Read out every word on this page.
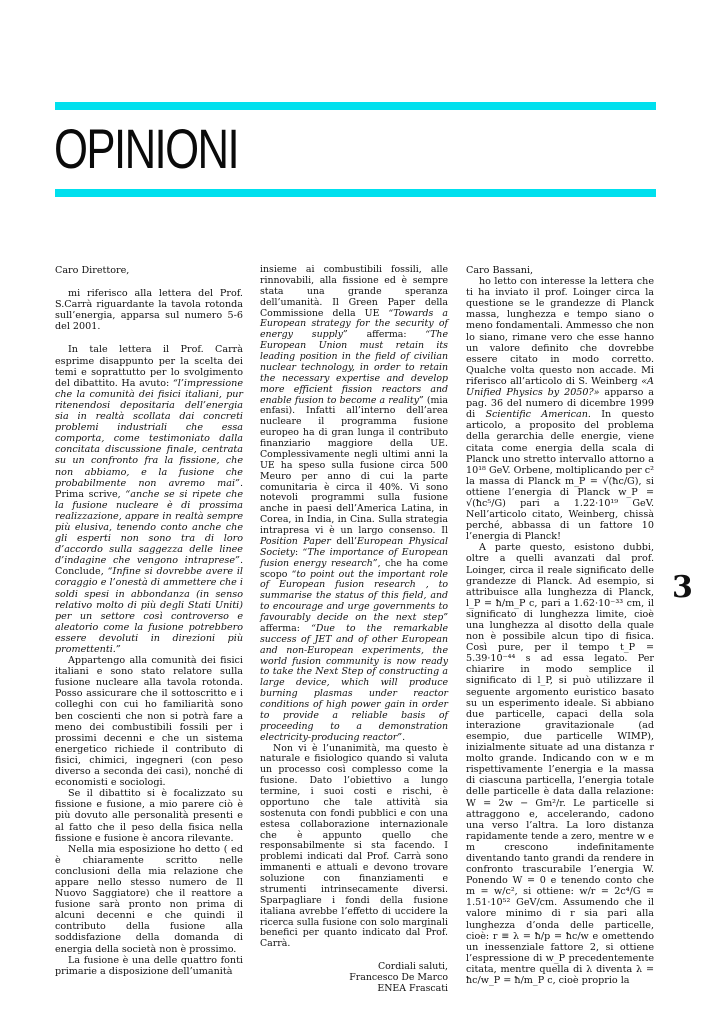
OPINIONI

Caro Direttore,

mi riferisco alla lettera del Prof. S.Carrà riguardante la tavola rotonda sull’energia, apparsa sul numero 5-6 del 2001.

In tale lettera il Prof. Carrà esprime disappunto per la scelta dei temi e soprattutto per lo svolgimento del dibattito. Ha avuto: “l’impressione che la comunità dei fisici italiani, pur ritenendosi depositaria dell’energia sia in realtà scollata dai concreti problemi industriali che essa comporta, come testimoniato dalla concitata discussione finale, centrata su un confronto fra la fissione, che non abbiamo, e la fusione che probabilmente non avremo mai”. Prima scrive, “anche se si ripete che la fusione nucleare è di prossima realizzazione, appare in realtà sempre più elusiva, tenendo conto anche che gli esperti non sono tra di loro d’accordo sulla saggezza delle linee d’indagine che vengono intraprese”. Conclude, “Infine si dovrebbe avere il coraggio e l’onestà di ammettere che i soldi spesi in abbondanza (in senso relativo molto di più degli Stati Uniti) per un settore così controverso e aleatorio come la fusione potrebbero essere devoluti in direzioni più promettenti.”

Appartengo alla comunità dei fisici italiani e sono stato relatore sulla fusione nucleare alla tavola rotonda. Posso assicurare che il sottoscritto e i colleghi con cui ho familiarità sono ben coscienti che non si potrà fare a meno dei combustibili fossili per i prossimi decenni e che un sistema energetico richiede il contributo di fisici, chimici, ingegneri (con peso diverso a seconda dei casi), nonché di economisti e sociologi.

Se il dibattito si è focalizzato su fissione e fusione, a mio parere ciò è più dovuto alle personalità presenti e al fatto che il peso della fisica nella fissione e fusione è ancora rilevante.

Nella mia esposizione ho detto ( ed è chiaramente scritto nelle conclusioni della mia relazione che appare nello stesso numero de Il Nuovo Saggiatore) che il reattore a fusione sarà pronto non prima di alcuni decenni e che quindi il contributo della fusione alla soddisfazione della domanda di energia della società non è prossimo.

La fusione è una delle quattro fonti primarie a disposizione dell’umanità

insieme ai combustibili fossili, alle rinnovabili, alla fissione ed è sempre stata una grande speranza dell’umanità. Il Green Paper della Commissione della UE “Towards a European strategy for the security of energy supply” afferma: “The European Union must retain its leading position in the field of civilian nuclear technology, in order to retain the necessary expertise and develop more efficient fission reactors and enable fusion to become a reality” (mia enfasi). Infatti all’interno dell’area nucleare il programma fusione europeo ha di gran lunga il contributo finanziario maggiore della UE. Complessivamente negli ultimi anni la UE ha speso sulla fusione circa 500 Meuro per anno di cui la parte comunitaria è circa il 40%. Vi sono notevoli programmi sulla fusione anche in paesi dell’America Latina, in Corea, in India, in Cina. Sulla strategia intrapresa vi è un largo consenso. Il Position Paper dell’European Physical Society: “The importance of European fusion energy research”, che ha come scopo “to point out the important role of European fusion research , to summarise the status of this field, and to encourage and urge governments to favourably decide on the next step” afferma: “Due to the remarkable success of JET and of other European and non-European experiments, the world fusion community is now ready to take the Next Step of constructing a large device, which will produce burning plasmas under reactor conditions of high power gain in order to provide a reliable basis of proceeding to a demonstration electricity-producing reactor”.

Non vi è l’unanimità, ma questo è naturale e fisiologico quando si valuta un processo così complesso come la fusione. Dato l’obiettivo a lungo termine, i suoi costi e rischi, è opportuno che tale attività sia sostenuta con fondi pubblici e con una estesa collaborazione internazionale che è appunto quello che responsabilmente si sta facendo. I problemi indicati dal Prof. Carrà sono immanenti e attuali e devono trovare soluzione con finanziamenti e strumenti intrinsecamente diversi. Sparpagliare i fondi della fusione italiana avrebbe l’effetto di uccidere la ricerca sulla fusione con solo marginali benefici per quanto indicato dal Prof. Carrà.

Cordiali saluti,
Francesco De Marco
ENEA Frascati

Caro Bassani,

ho letto con interesse la lettera che ti ha inviato il prof. Loinger circa la questione se le grandezze di Planck massa, lunghezza e tempo siano o meno fondamentali. Ammesso che non lo siano, rimane vero che esse hanno un valore definito che dovrebbe essere citato in modo corretto. Qualche volta questo non accade. Mi riferisco all’articolo di S. Weinberg «A Unified Physics by 2050?» apparso a pag. 36 del numero di dicembre 1999 di Scientific American. In questo articolo, a proposito del problema della gerarchia delle energie, viene citata come energia della scala di Planck uno stretto intervallo attorno a 10¹⁸ GeV. Orbene, moltiplicando per c² la massa di Planck m_P = √(ħc/G), si ottiene l’energia di Planck w_P = √(ħc⁵/G) pari a 1.22·10¹⁹ GeV. Nell’articolo citato, Weinberg, chissà perché, abbassa di un fattore 10 l’energia di Planck!

A parte questo, esistono dubbi, oltre a quelli avanzati dal prof. Loinger, circa il reale significato delle grandezze di Planck. Ad esempio, si attribuisce alla lunghezza di Planck, l_P = ħ/m_P c, pari a 1.62·10⁻³³ cm, il significato di lunghezza limite, cioè una lunghezza al disotto della quale non è possibile alcun tipo di fisica. Così pure, per il tempo t_P = 5.39·10⁻⁴⁴ s ad essa legato. Per chiarire in modo semplice il significato di l_P, si può utilizzare il seguente argomento euristico basato su un esperimento ideale. Si abbiano due particelle, capaci della sola interazione gravitazionale (ad esempio, due particelle WIMP), inizialmente situate ad una distanza r molto grande. Indicando con w e m rispettivamente l’energia e la massa di ciascuna particella, l’energia totale delle particelle è data dalla relazione: W = 2w − Gm²/r. Le particelle si attraggono e, accelerando, cadono una verso l’altra. La loro distanza rapidamente tende a zero, mentre w e m crescono indefinitamente diventando tanto grandi da rendere in confronto trascurabile l’energia W. Ponendo W = 0 e tenendo conto che m = w/c², si ottiene: w/r = 2c⁴/G = 1.51·10⁵² GeV/cm. Assumendo che il valore minimo di r sia pari alla lunghezza d’onda delle particelle, cioè: r ≡ λ = ħ/p = ħc/w e omettendo un inessenziale fattore 2, si ottiene l’espressione di w_P precedentemente citata, mentre quella di λ diventa λ = ħc/w_P = ħ/m_P c, cioè proprio la

3
